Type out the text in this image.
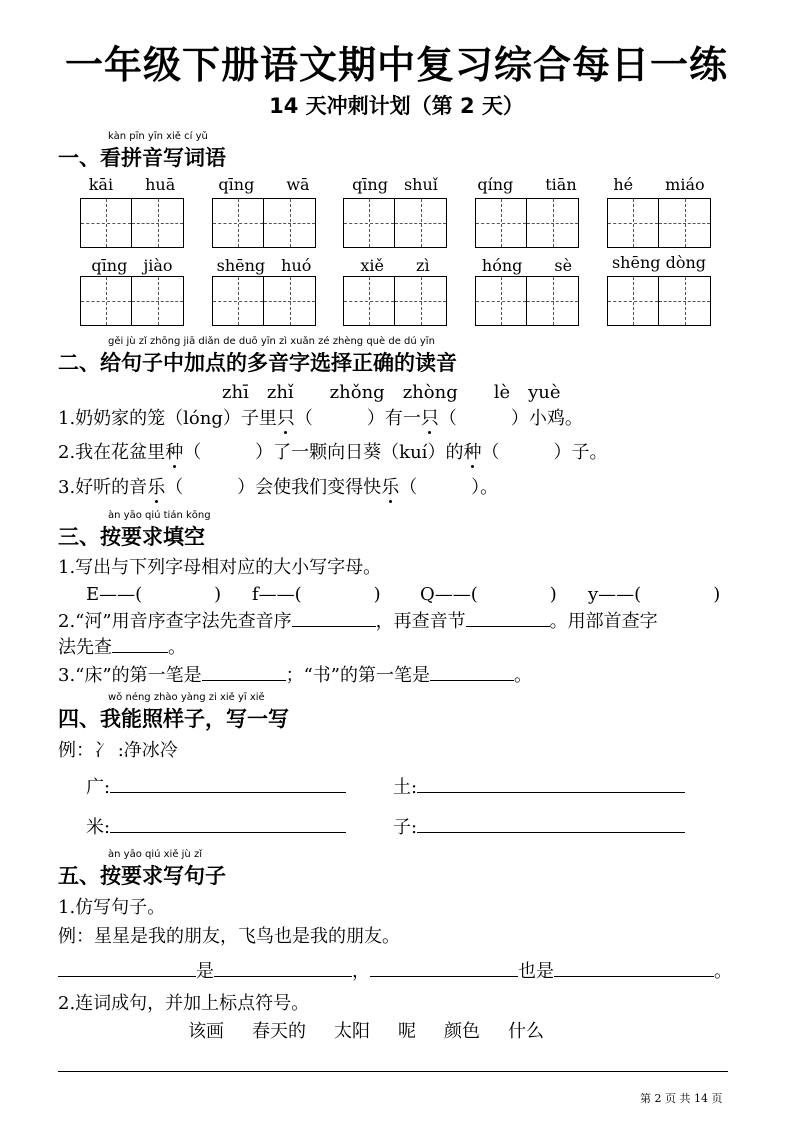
一年级下册语文期中复习综合每日一练
14 天冲刺计划（第 2 天）
kàn pīn yīn xiě cí yǔ
一、看拼音写词语
gěi jù zǐ zhōng jiā diǎn de duō yīn zì xuǎn zé zhèng què de dú yīn
二、给句子中加点的多音字选择正确的读音
zhī　zhǐ　　zhǒng　zhòng　　lè　yuè
1.奶奶家的笼（lóng）子里只（　　　）有一只（　　　）小鸡。
2.我在花盆里种（　　　）了一颗向日葵（kuí）的种（　　　）子。
3.好听的音乐（　　　）会使我们变得快乐（　　　）。
àn yāo qiú tián kōng
三、按要求填空
1.写出与下列字母相对应的大小写字母。
E——(　　　　) f——(　　　　) Q——(　　　　) y——(　　　　)
2.“河”用音序查字法先查音序	，再查音节	。用部首查字
法先查	。
3.“床”的第一笔是	；“书”的第一笔是	。
wǒ néng zhào yàng zi xiě yī xiě
四、我能照样子，写一写
例：冫 :净冰冷
广:	土:
米:	子:
àn yāo qiú xiě jù zǐ
五、按要求写句子
1.仿写句子。
例：星星是我的朋友，飞鸟也是我的朋友。
是	，	也是	。
2.连词成句，并加上标点符号。
该画 春天的 太阳 呢 颜色 什么
第 2 页 共 14 页
kāi　　huā	qīng　　wā	qīng　shuǐ	qíng　　tiān	hé　　miáo
qīng　jiào	shēng　huó	xiě　　zì	hóng　　sè	shēng dòng
